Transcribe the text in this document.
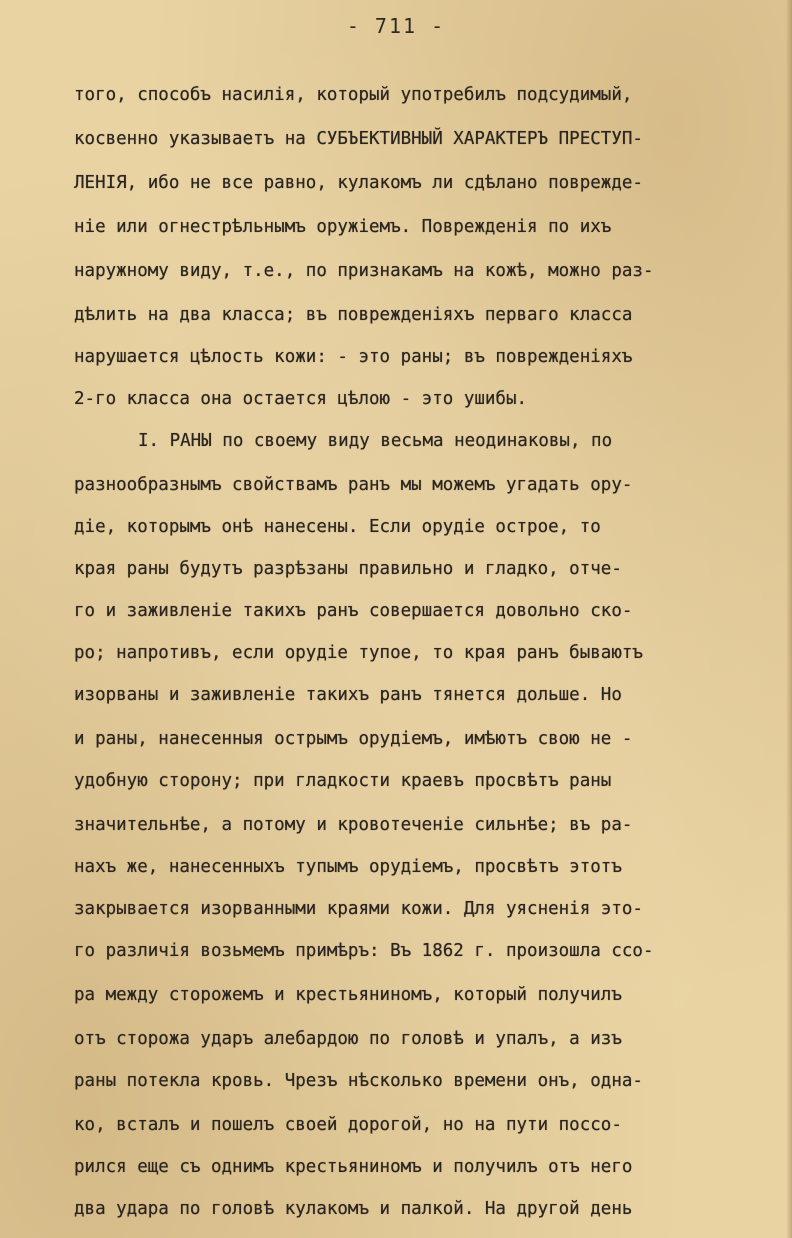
- 711 -
того, способъ насилія, который употребилъ подсудимый,
косвенно указываетъ на СУБЪЕКТИВНЫЙ ХАРАКТЕРЪ ПРЕСТУП-
ЛЕНІЯ, ибо не все равно, кулакомъ ли сдѣлано поврежде-
ніе или огнестрѣльнымъ оружіемъ. Поврежденія по ихъ
наружному виду, т.е., по признакамъ на кожѣ, можно раз-
дѣлить на два класса; въ поврежденіяхъ перваго класса
нарушается цѣлость кожи: - это раны; въ поврежденіяхъ
2-го класса она остается цѣлою - это ушибы.
I. РАНЫ по своему виду весьма неодинаковы, по
разнообразнымъ свойствамъ ранъ мы можемъ угадать ору-
діе, которымъ онѣ нанесены. Если орудіе острое, то
края раны будутъ разрѣзаны правильно и гладко, отче-
го и заживленіе такихъ ранъ совершается довольно ско-
ро; напротивъ, если орудіе тупое, то края ранъ бываютъ
изорваны и заживленіе такихъ ранъ тянется дольше. Но
и раны, нанесенныя острымъ орудіемъ, имѣютъ свою не -
удобную сторону; при гладкости краевъ просвѣтъ раны
значительнѣе, а потому и кровотеченіе сильнѣе; въ ра-
нахъ же, нанесенныхъ тупымъ орудіемъ, просвѣтъ этотъ
закрывается изорванными краями кожи. Для уясненія это-
го различія возьмемъ примѣръ: Въ 1862 г. произошла ссо-
ра между сторожемъ и крестьяниномъ, который получилъ
отъ сторожа ударъ алебардою по головѣ и упалъ, а изъ
раны потекла кровь. Чрезъ нѣсколько времени онъ, одна-
ко, всталъ и пошелъ своей дорогой, но на пути поссо-
рился еще съ однимъ крестьяниномъ и получилъ отъ него
два удара по головѣ кулакомъ и палкой. На другой день
